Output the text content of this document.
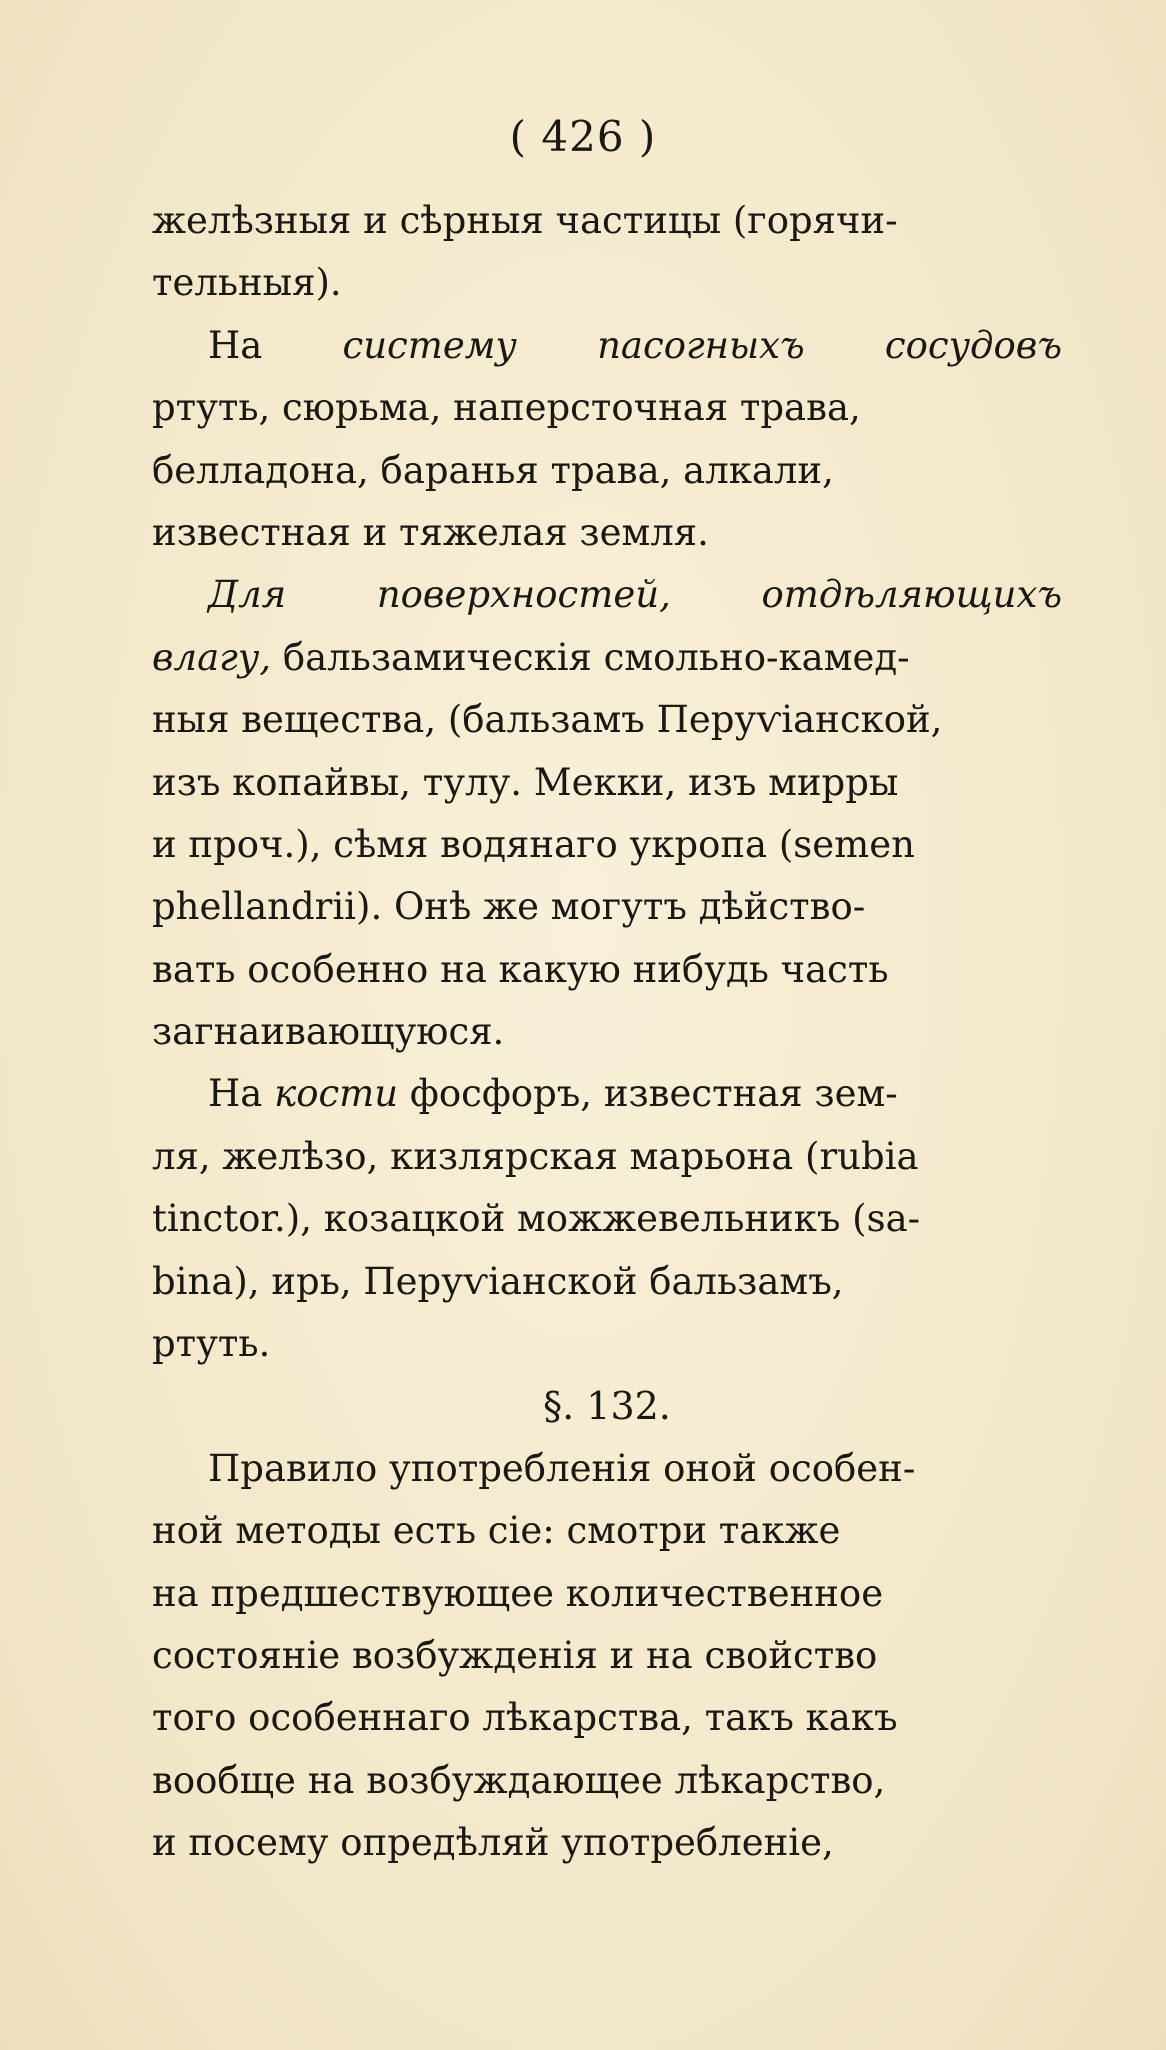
( 426 )
желѣзныя и сѣрныя частицы (горячи-
тельныя).
На систему пасогныхъ сосудовъ
ртуть, сюрьма, наперсточная трава,
белладона, баранья трава, алкали,
известная и тяжелая земля.
Для поверхностей, отдѣляющихъ
влагу, бальзамическія смольно-камед-
ныя вещества, (бальзамъ Перуѵіанской,
изъ копайвы, тулу. Мекки, изъ мирры
и проч.), сѣмя водянаго укропа (semen
phellandrii). Онѣ же могутъ дѣйство-
вать особенно на какую нибудь часть
загнаивающуюся.
На кости фосфоръ, известная зем-
ля, желѣзо, кизлярская марьона (rubia
tinctor.), козацкой можжевельникъ (sa-
bina), ирь, Перуѵіанской бальзамъ,
ртуть.
§. 132.
Правило употребленія оной особен-
ной методы есть сіе: смотри также
на предшествующее количественное
состояніе возбужденія и на свойство
того особеннаго лѣкарства, такъ какъ
вообще на возбуждающее лѣкарство,
и посему опредѣляй употребленіе,
